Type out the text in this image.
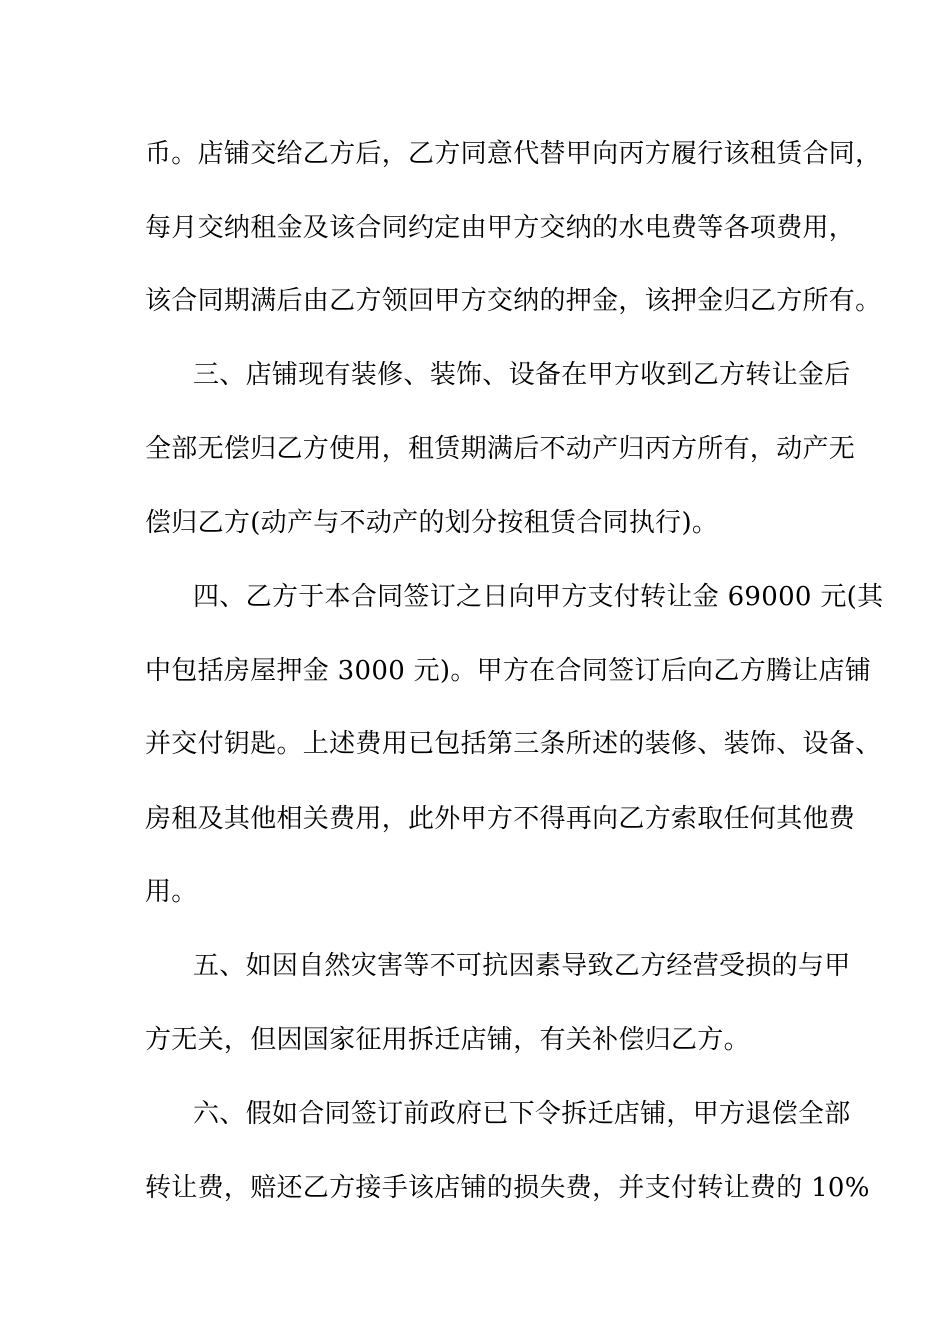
币。店铺交给乙方后，乙方同意代替甲向丙方履行该租赁合同，
每月交纳租金及该合同约定由甲方交纳的水电费等各项费用，
该合同期满后由乙方领回甲方交纳的押金，该押金归乙方所有。
三、店铺现有装修、装饰、设备在甲方收到乙方转让金后
全部无偿归乙方使用，租赁期满后不动产归丙方所有，动产无
偿归乙方(动产与不动产的划分按租赁合同执行)。
四、乙方于本合同签订之日向甲方支付转让金 69000 元(其
中包括房屋押金 3000 元)。甲方在合同签订后向乙方腾让店铺
并交付钥匙。上述费用已包括第三条所述的装修、装饰、设备、
房租及其他相关费用，此外甲方不得再向乙方索取任何其他费
用。
五、如因自然灾害等不可抗因素导致乙方经营受损的与甲
方无关，但因国家征用拆迁店铺，有关补偿归乙方。
六、假如合同签订前政府已下令拆迁店铺，甲方退偿全部
转让费，赔还乙方接手该店铺的损失费，并支付转让费的 10%
